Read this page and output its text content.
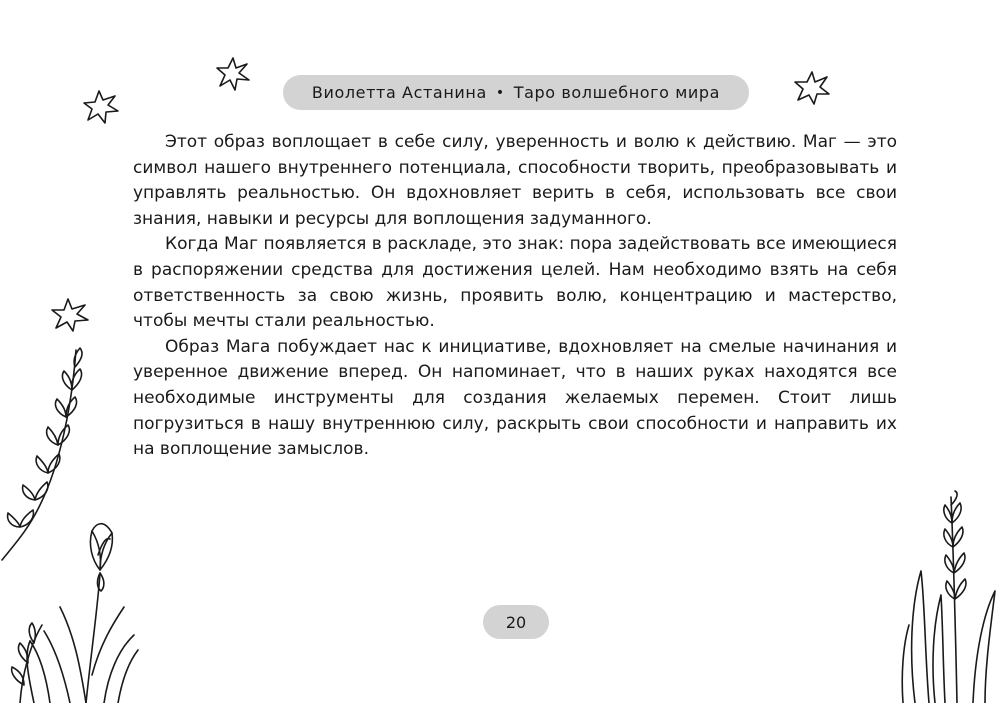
Виолетта Астанина • Таро волшебного мира

Этот образ воплощает в себе силу, уверенность и волю к действию. Маг — это символ нашего внутреннего потенциала, способности творить, преобразовывать и управлять реальностью. Он вдохновляет верить в себя, использовать все свои знания, навыки и ресурсы для воплощения задуманного.

Когда Маг появляется в раскладе, это знак: пора задействовать все имеющиеся в распоряжении средства для достижения целей. Нам необходимо взять на себя ответственность за свою жизнь, проявить волю, концентрацию и мастерство, чтобы мечты стали реальностью.

Образ Мага побуждает нас к инициативе, вдохновляет на смелые начинания и уверенное движение вперед. Он напоминает, что в наших руках находятся все необходимые инструменты для создания желаемых перемен. Стоит лишь погрузиться в нашу внутреннюю силу, раскрыть свои способности и направить их на воплощение замыслов.

20
